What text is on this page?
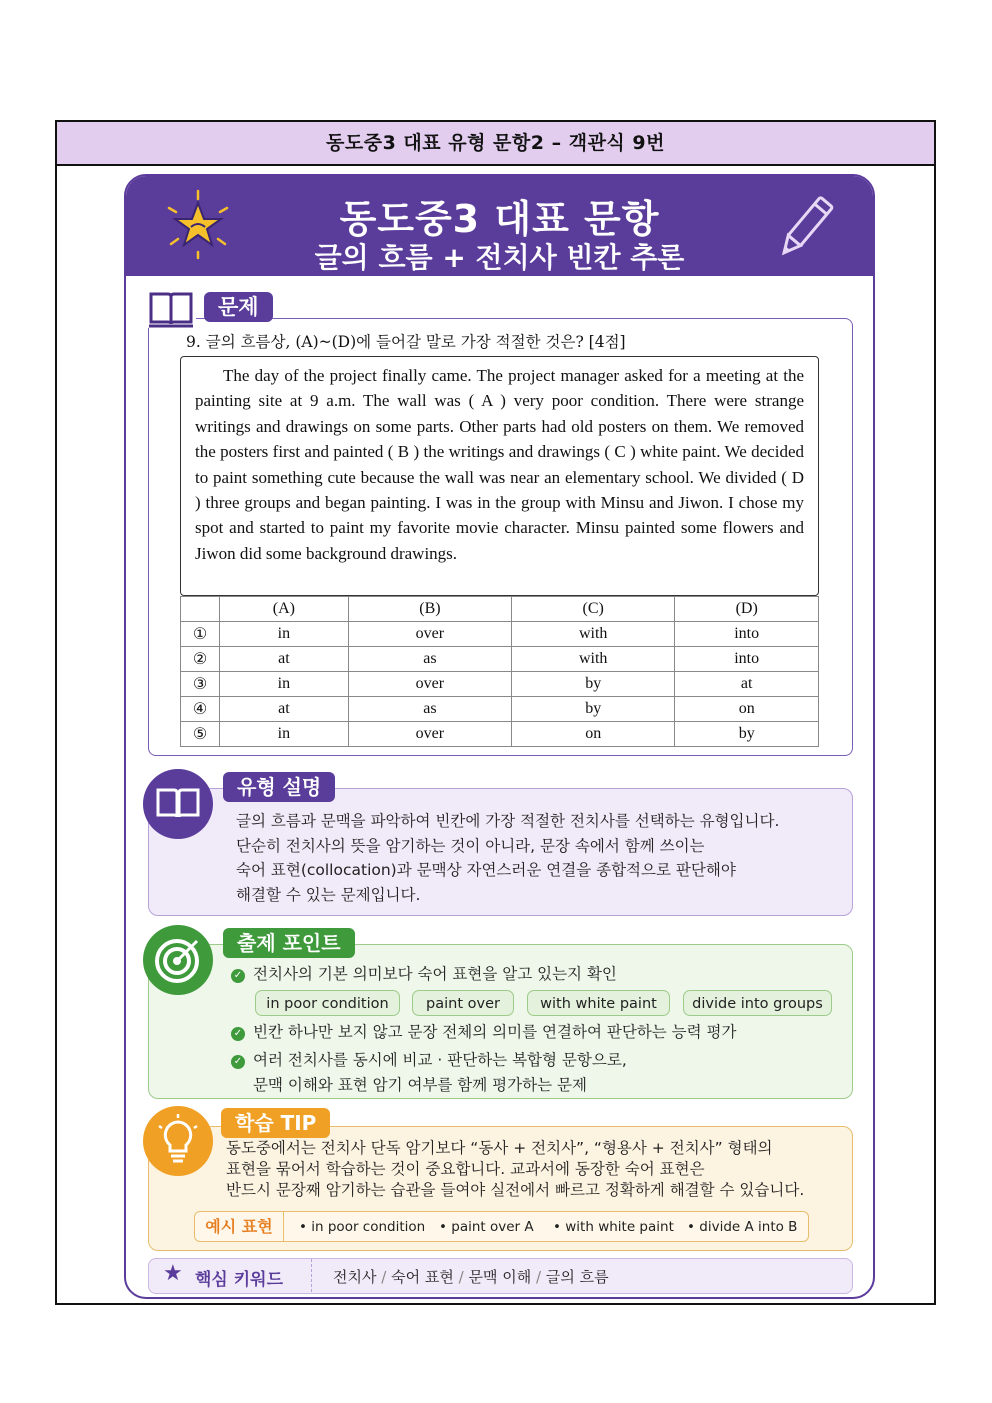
동도중3 대표 유형 문항2 – 객관식 9번
동도중3 대표 문항
글의 흐름 + 전치사 빈칸 추론
문제
9. 글의 흐름상, (A)~(D)에 들어갈 말로 가장 적절한 것은? [4점]

The day of the project finally came. The project manager asked for a meeting at the painting site at 9 a.m. The wall was ( A ) very poor condition. There were strange writings and drawings on some parts. Other parts had old posters on them. We removed the posters first and painted ( B ) the writings and drawings ( C ) white paint. We decided to paint something cute because the wall was near an elementary school. We divided ( D ) three groups and began painting. I was in the group with Minsu and Jiwon. I chose my spot and started to paint my favorite movie character. Minsu painted some flowers and Jiwon did some background drawings.

	(A)	(B)	(C)	(D)
①	in	over	with	into
②	at	as	with	into
③	in	over	by	at
④	at	as	by	on
⑤	in	over	on	by
유형 설명
글의 흐름과 문맥을 파악하여 빈칸에 가장 적절한 전치사를 선택하는 유형입니다.
단순히 전치사의 뜻을 암기하는 것이 아니라, 문장 속에서 함께 쓰이는
숙어 표현(collocation)과 문맥상 자연스러운 연결을 종합적으로 판단해야
해결할 수 있는 문제입니다.
출제 포인트
✓ 전치사의 기본 의미보다 숙어 표현을 알고 있는지 확인
in poor condition	paint over	with white paint	divide into groups
✓ 빈칸 하나만 보지 않고 문장 전체의 의미를 연결하여 판단하는 능력 평가
✓ 여러 전치사를 동시에 비교 · 판단하는 복합형 문항으로,
문맥 이해와 표현 암기 여부를 함께 평가하는 문제
학습 TIP
동도중에서는 전치사 단독 암기보다 “동사 + 전치사”, “형용사 + 전치사” 형태의
표현을 묶어서 학습하는 것이 중요합니다. 교과서에 동장한 숙어 표현은
반드시 문장째 암기하는 습관을 들여야 실전에서 빠르고 정확하게 해결할 수 있습니다.
예시 표현	• in poor condition • paint over A • with white paint • divide A into B
★ 핵심 키워드	전치사 / 숙어 표현 / 문맥 이해 / 글의 흐름
